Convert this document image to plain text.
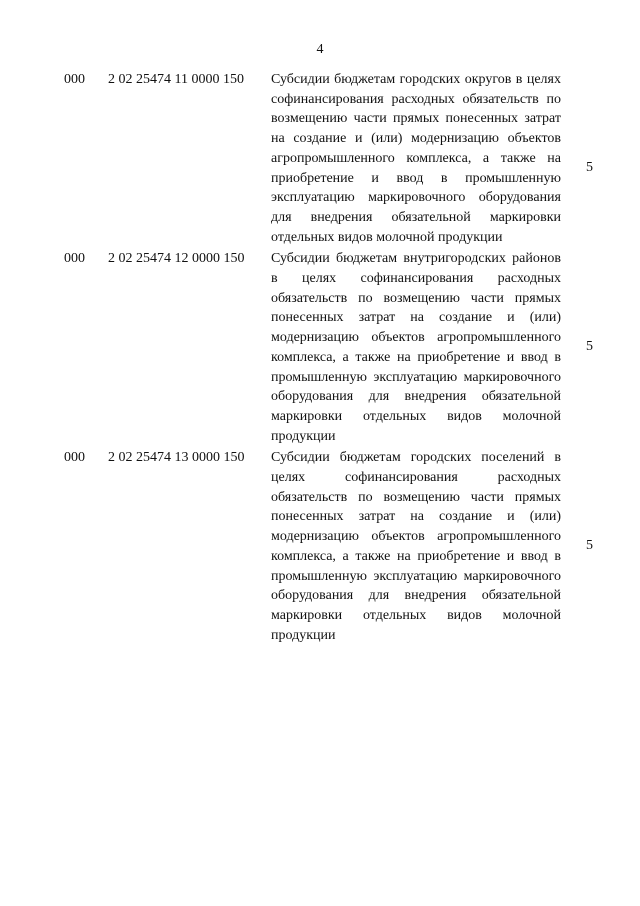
4
000 2 02 25474 11 0000 150 Субсидии бюджетам городских округов в целях софинансирования расходных обязательств по возмещению части прямых понесенных затрат на создание и (или) модернизацию объектов агропромышленного комплекса, а также на приобретение и ввод в промышленную эксплуатацию маркировочного оборудования для внедрения обязательной маркировки отдельных видов молочной продукции
5
000 2 02 25474 12 0000 150 Субсидии бюджетам внутригородских районов в целях софинансирования расходных обязательств по возмещению части прямых понесенных затрат на создание и (или) модернизацию объектов агропромышленного комплекса, а также на приобретение и ввод в промышленную эксплуатацию маркировочного оборудования для внедрения обязательной маркировки отдельных видов молочной продукции
5
000 2 02 25474 13 0000 150 Субсидии бюджетам городских поселений в целях софинансирования расходных обязательств по возмещению части прямых понесенных затрат на создание и (или) модернизацию объектов агропромышленного комплекса, а также на приобретение и ввод в промышленную эксплуатацию маркировочного оборудования для внедрения обязательной маркировки отдельных видов молочной продукции
5
